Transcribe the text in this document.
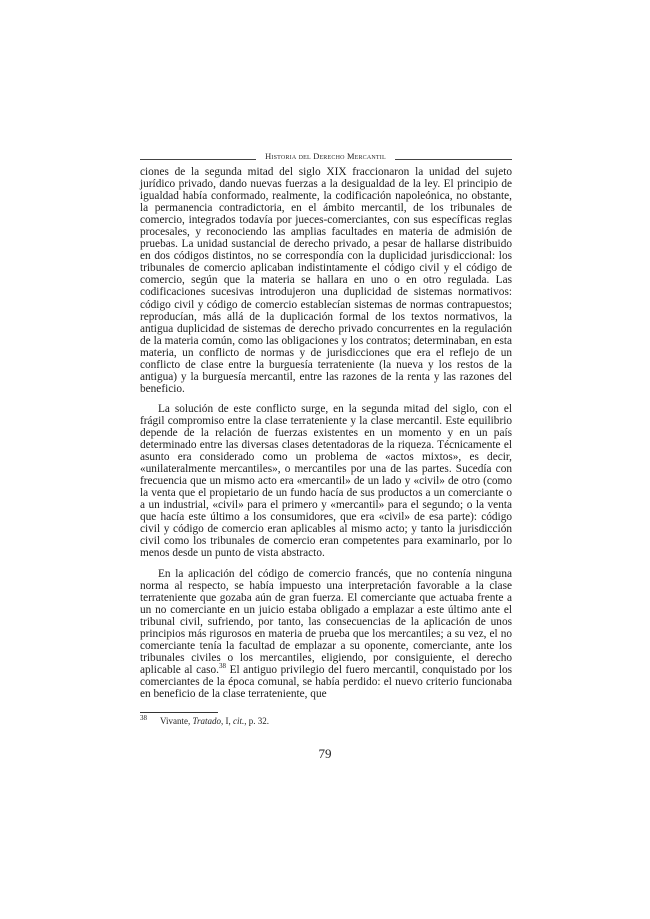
Historia del Derecho Mercantil

ciones de la segunda mitad del siglo XIX fraccionaron la unidad del sujeto jurídico privado, dando nuevas fuerzas a la desigualdad de la ley. El principio de igualdad había conformado, realmente, la codificación napoleónica, no obstante, la permanencia contradictoria, en el ámbito mercantil, de los tribunales de comercio, integrados todavía por jueces-comerciantes, con sus específicas reglas procesales, y reconociendo las amplias facultades en materia de admisión de pruebas. La unidad sustancial de derecho privado, a pesar de hallarse distribuido en dos códigos distintos, no se correspondía con la duplicidad jurisdiccional: los tribunales de comercio aplicaban indistintamente el código civil y el código de comercio, según que la materia se hallara en uno o en otro regulada. Las codificaciones sucesivas introdujeron una duplicidad de sistemas normativos: código civil y código de comercio establecían sistemas de normas contrapuestos; reproducían, más allá de la duplicación formal de los textos normativos, la antigua duplicidad de sistemas de derecho privado concurrentes en la regulación de la materia común, como las obligaciones y los contratos; determinaban, en esta materia, un conflicto de normas y de jurisdicciones que era el reflejo de un conflicto de clase entre la burguesía terrateniente (la nueva y los restos de la antigua) y la burguesía mercantil, entre las razones de la renta y las razones del beneficio.

La solución de este conflicto surge, en la segunda mitad del siglo, con el frágil compromiso entre la clase terrateniente y la clase mercantil. Este equilibrio depende de la relación de fuerzas existentes en un momento y en un país determinado entre las diversas clases detentadoras de la riqueza. Técnicamente el asunto era considerado como un problema de «actos mixtos», es decir, «unilateralmente mercantiles», o mercantiles por una de las partes. Sucedía con frecuencia que un mismo acto era «mercantil» de un lado y «civil» de otro (como la venta que el propietario de un fundo hacía de sus productos a un comerciante o a un industrial, «civil» para el primero y «mercantil» para el segundo; o la venta que hacía este último a los consumidores, que era «civil» de esa parte): código civil y código de comercio eran aplicables al mismo acto; y tanto la jurisdicción civil como los tribunales de comercio eran competentes para examinarlo, por lo menos desde un punto de vista abstracto.

En la aplicación del código de comercio francés, que no contenía ninguna norma al respecto, se había impuesto una interpretación favorable a la clase terrateniente que gozaba aún de gran fuerza. El comerciante que actuaba frente a un no comerciante en un juicio estaba obligado a emplazar a este último ante el tribunal civil, sufriendo, por tanto, las consecuencias de la aplicación de unos principios más rigurosos en materia de prueba que los mercantiles; a su vez, el no comerciante tenía la facultad de emplazar a su oponente, comerciante, ante los tribunales civiles o los mercantiles, eligiendo, por consiguiente, el derecho aplicable al caso.$^{38}$ El antiguo privilegio del fuero mercantil, conquistado por los comerciantes de la época comunal, se había perdido: el nuevo criterio funcionaba en beneficio de la clase terrateniente, que

$^{38}$ Vivante, Tratado, I, cit., p. 32.
79
